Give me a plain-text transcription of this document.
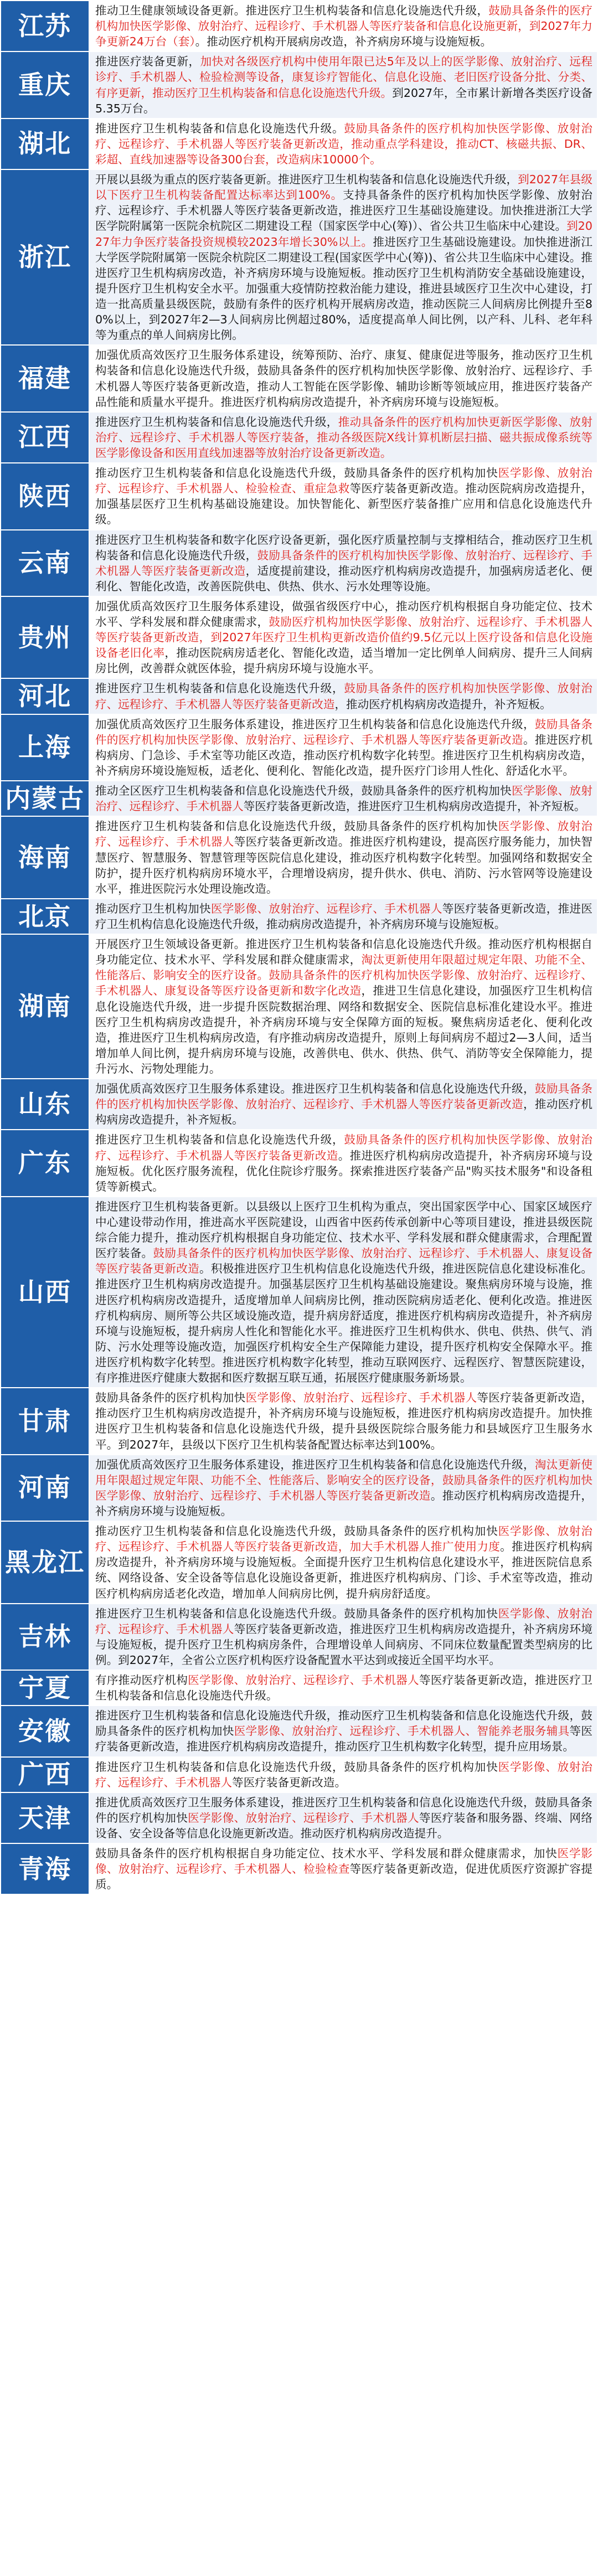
江苏	推动卫生健康领域设备更新。推进医疗卫生机构装备和信息化设施迭代升级，鼓励具备条件的医疗机构加快医学影像、放射治疗、远程诊疗、手术机器人等医疗装备和信息化设施更新，到2027年力争更新24万台（套）。推动医疗机构开展病房改造，补齐病房环境与设施短板。
重庆	推进医疗装备更新，加快对各级医疗机构中使用年限已达5年及以上的医学影像、放射治疗、远程诊疗、手术机器人、检验检测等设备，康复诊疗智能化、信息化设施、老旧医疗设备分批、分类、有序更新，推动医疗卫生机构装备和信息化设施迭代升级。到2027年，全市累计新增各类医疗设备5.35万台。
湖北	推进医疗卫生机构装备和信息化设施迭代升级。鼓励具备条件的医疗机构加快医学影像、放射治疗、远程诊疗、手术机器人等医疗装备更新改造，推动重点学科建设，推动CT、核磁共振、DR、彩超、直线加速器等设备300台套，改造病床10000个。
浙江	开展以县级为重点的医疗装备更新。推进医疗卫生机构装备和信息化设施迭代升级，到2027年县级以下医疗卫生机构装备配置达标率达到100%。支持具备条件的医疗机构加快医学影像、放射治疗、远程诊疗、手术机器人等医疗装备更新改造，推进医疗卫生基础设施建设。加快推进浙江大学医学院附属第一医院余杭院区二期建设工程（国家医学中心(筹)）、省公共卫生临床中心建设。到2027年力争医疗装备投资规模较2023年增长30%以上。推进医疗卫生基础设施建设。加快推进浙江大学医学院附属第一医院余杭院区二期建设工程(国家医学中心(筹))、省公共卫生临床中心建设。推进医疗卫生机构病房改造，补齐病房环境与设施短板。推动医疗卫生机构消防安全基础设施建设，提升医疗卫生机构安全水平。加强重大疫情防控救治能力建设，推进县域医疗卫生次中心建设，打造一批高质量县级医院，鼓励有条件的医疗机构开展病房改造，推动医院三人间病房比例提升至80%以上，到2027年2—3人间病房比例超过80%，适度提高单人间比例，以产科、儿科、老年科等为重点的单人间病房比例。
福建	加强优质高效医疗卫生服务体系建设，统筹预防、治疗、康复、健康促进等服务，推动医疗卫生机构装备和信息化设施迭代升级，鼓励具备条件的医疗机构加快医学影像、放射治疗、远程诊疗、手术机器人等医疗装备更新改造，推动人工智能在医学影像、辅助诊断等领域应用，推进医疗装备产品性能和质量水平提升。推进医疗机构病房改造提升，补齐病房环境与设施短板。
江西	推进医疗卫生机构装备和信息化设施迭代升级，推动具备条件的医疗机构加快更新医学影像、放射治疗、远程诊疗、手术机器人等医疗装备，推动各级医院X线计算机断层扫描、磁共振成像系统等医学影像设备和医用直线加速器等放射治疗设备更新改造。
陕西	推动医疗卫生机构装备和信息化设施迭代升级，鼓励具备条件的医疗机构加快医学影像、放射治疗、远程诊疗、手术机器人、检验检查、重症急救等医疗装备更新改造。推动医院病房改造提升，加强基层医疗卫生机构基础设施建设。加快智能化、新型医疗装备推广应用和信息化设施迭代升级。
云南	推进医疗卫生机构装备和数字化医疗设备更新，强化医疗质量控制与支撑相结合，推动医疗卫生机构装备和信息化设施迭代升级，鼓励具备条件的医疗机构加快医学影像、放射治疗、远程诊疗、手术机器人等医疗装备更新改造，适度提前建设，推动医疗机构病房改造提升，加强病房适老化、便利化、智能化改造，改善医院供电、供热、供水、污水处理等设施。
贵州	加强优质高效医疗卫生服务体系建设，做强省级医疗中心，推动医疗机构根据自身功能定位、技术水平、学科发展和群众健康需求，鼓励医疗机构加快医学影像、放射治疗、远程诊疗、手术机器人等医疗装备更新改造，到2027年医疗卫生机构更新改造价值约9.5亿元以上医疗设备和信息化设施设备老旧化率，推动医院病房适老化、智能化改造，适当增加一定比例单人间病房、提升三人间病房比例，改善群众就医体验，提升病房环境与设施水平。
河北	推进医疗卫生机构装备和信息化设施迭代升级，鼓励具备条件的医疗机构加快医学影像、放射治疗、远程诊疗、手术机器人等医疗装备更新改造，推动医疗机构病房改造提升，补齐短板。
上海	加强优质高效医疗卫生服务体系建设，推进医疗卫生机构装备和信息化设施迭代升级，鼓励具备条件的医疗机构加快医学影像、放射治疗、远程诊疗、手术机器人等医疗装备更新改造。推进医疗机构病房、门急诊、手术室等功能区改造，推动医疗机构数字化转型。推进医疗卫生机构病房改造，补齐病房环境设施短板，适老化、便利化、智能化改造，提升医疗门诊用人性化、舒适化水平。
内蒙古	推动全区医疗卫生机构装备和信息化设施迭代升级，鼓励具备条件的医疗机构加快医学影像、放射治疗、远程诊疗、手术机器人等医疗装备更新改造，推进医疗卫生机构病房改造提升，补齐短板。
海南	推进医疗卫生机构装备和信息化设施迭代升级，鼓励具备条件的医疗机构加快医学影像、放射治疗、远程诊疗、手术机器人等医疗装备更新改造。推进医疗机构建设，提高医疗服务能力，加快智慧医疗、智慧服务、智慧管理等医院信息化建设，推动医疗机构数字化转型。加强网络和数据安全防护，提升医疗机构病房环境水平，合理增设病房，提升供水、供电、消防、污水管网等设施建设水平，推进医院污水处理设施改造。
北京	推动医疗卫生机构加快医学影像、放射治疗、远程诊疗、手术机器人等医疗装备更新改造，推进医疗卫生机构信息化设施迭代升级，推动病房改造提升，补齐病房环境与设施短板。
湖南	开展医疗卫生领域设备更新。推进医疗卫生机构装备和信息化设施迭代升级。推动医疗机构根据自身功能定位、技术水平、学科发展和群众健康需求，淘汰更新使用年限超过规定年限、功能不全、性能落后、影响安全的医疗设备。鼓励具备条件的医疗机构加快医学影像、放射治疗、远程诊疗、手术机器人、康复设备等医疗设备更新和数字化改造，推进卫生信息化建设，加强医疗卫生机构信息化设施迭代升级，进一步提升医院数据治理、网络和数据安全、医院信息标准化建设水平。推进医疗卫生机构病房改造提升，补齐病房环境与安全保障方面的短板。聚焦病房适老化、便利化改造，推进医疗卫生机构病房改造，有序推动病房改造提升，原则上每间病房不超过2—3人间，适当增加单人间比例，提升病房环境与设施，改善供电、供水、供热、供气、消防等安全保障能力，提升污水、污物处理能力。
山东	加强优质高效医疗卫生服务体系建设。推进医疗卫生机构装备和信息化设施迭代升级，鼓励具备条件的医疗机构加快医学影像、放射治疗、远程诊疗、手术机器人等医疗装备更新改造，推动医疗机构病房改造提升，补齐短板。
广东	推进医疗卫生机构装备和信息化设施迭代升级，鼓励具备条件的医疗机构加快医学影像、放射治疗、远程诊疗、手术机器人等医疗装备更新改造。推进医疗机构病房改造提升，补齐病房环境与设施短板。优化医疗服务流程，优化住院诊疗服务。探索推进医疗装备产品"购买技术服务"和设备租赁等新模式。
山西	推进医疗卫生机构装备更新。以县级以上医疗卫生机构为重点，突出国家医学中心、国家区域医疗中心建设带动作用，推进高水平医院建设，山西省中医药传承创新中心等项目建设，推进县级医院综合能力提升，推动医疗机构根据自身功能定位、技术水平、学科发展和群众健康需求，合理配置医疗装备。鼓励具备条件的医疗机构加快医学影像、放射治疗、远程诊疗、手术机器人、康复设备等医疗装备更新改造。积极推进医疗卫生机构信息化设施迭代升级，推进医院信息化建设标准化。推进医疗卫生机构病房改造提升。加强基层医疗卫生机构基础设施建设。聚焦病房环境与设施，推进医疗机构病房改造提升，适度增加单人间病房比例，推动医院病房适老化、便利化改造。推进医疗机构病房、厕所等公共区域设施改造，提升病房舒适度，推进医疗机构病房改造提升，补齐病房环境与设施短板，提升病房人性化和智能化水平。推进医疗卫生机构供水、供电、供热、供气、消防、污水处理等设施改造，加强医疗机构安全生产保障能力建设，提升医疗机构安全保障水平。推进医疗机构数字化转型。推进医疗机构数字化转型，推动互联网医疗、远程医疗、智慧医院建设，有序推进医疗健康大数据和医疗数据互联互通，拓展医疗健康服务新场景。
甘肃	鼓励具备条件的医疗机构加快医学影像、放射治疗、远程诊疗、手术机器人等医疗装备更新改造，推动医疗卫生机构病房改造提升，补齐病房环境与设施短板，推进医疗机构病房改造提升。加快推进医疗卫生机构装备和信息化设施迭代升级，提升县级医院综合服务能力和县域医疗卫生服务水平。到2027年，县级以下医疗卫生机构装备配置达标率达到100%。
河南	加强优质高效医疗卫生服务体系建设，推进医疗卫生机构装备和信息化设施迭代升级，淘汰更新使用年限超过规定年限、功能不全、性能落后、影响安全的医疗设备，鼓励具备条件的医疗机构加快医学影像、放射治疗、远程诊疗、手术机器人等医疗装备更新改造。推动医疗机构病房改造提升，补齐病房环境与设施短板。
黑龙江	推动医疗卫生机构装备和信息化设施迭代升级，鼓励具备条件的医疗机构加快医学影像、放射治疗、远程诊疗、手术机器人等医疗装备更新改造，加大手术机器人推广使用力度。推进医疗机构病房改造提升，补齐病房环境与设施短板。全面提升医疗卫生机构信息化建设水平，推进医院信息系统、网络设备、安全设备等信息化设施设备更新，推进医疗机构病房、门诊、手术室等改造，推动医疗机构病房适老化改造，增加单人间病房比例，提升病房舒适度。
吉林	推进医疗卫生机构装备和信息化设施迭代升级。鼓励具备条件的医疗机构加快医学影像、放射治疗、远程诊疗、手术机器人等医疗装备更新改造，推进医疗卫生机构病房改造提升，补齐病房环境与设施短板，提升医疗卫生机构病房条件，合理增设单人间病房、不同床位数量配置类型病房的比例。到2027年，全省公立医疗机构医疗设备配置水平达到或接近全国平均水平。
宁夏	有序推动医疗机构医学影像、放射治疗、远程诊疗、手术机器人等医疗装备更新改造，推进医疗卫生机构装备和信息化设施迭代升级。
安徽	推进医疗卫生机构装备和信息化设施迭代升级，推动医疗卫生机构装备和信息化设施迭代升级，鼓励具备条件的医疗机构加快医学影像、放射治疗、远程诊疗、手术机器人、智能养老服务辅具等医疗装备更新改造，推进医疗机构病房改造提升，推动医疗卫生机构数字化转型，提升应用场景。
广西	推进医疗卫生机构装备和信息化设施迭代升级，鼓励具备条件的医疗机构加快医学影像、放射治疗、远程诊疗、手术机器人等医疗装备更新改造。
天津	推进优质高效医疗卫生服务体系建设，推进医疗卫生机构装备和信息化设施迭代升级，鼓励具备条件的医疗机构加快医学影像、放射治疗、远程诊疗、手术机器人等医疗装备和服务器、终端、网络设备、安全设备等信息化设施更新改造。推动医疗机构病房改造提升。
青海	鼓励具备条件的医疗机构根据自身功能定位、技术水平、学科发展和群众健康需求，加快医学影像、放射治疗、远程诊疗、手术机器人、检验检查等医疗装备更新改造，促进优质医疗资源扩容提质。
